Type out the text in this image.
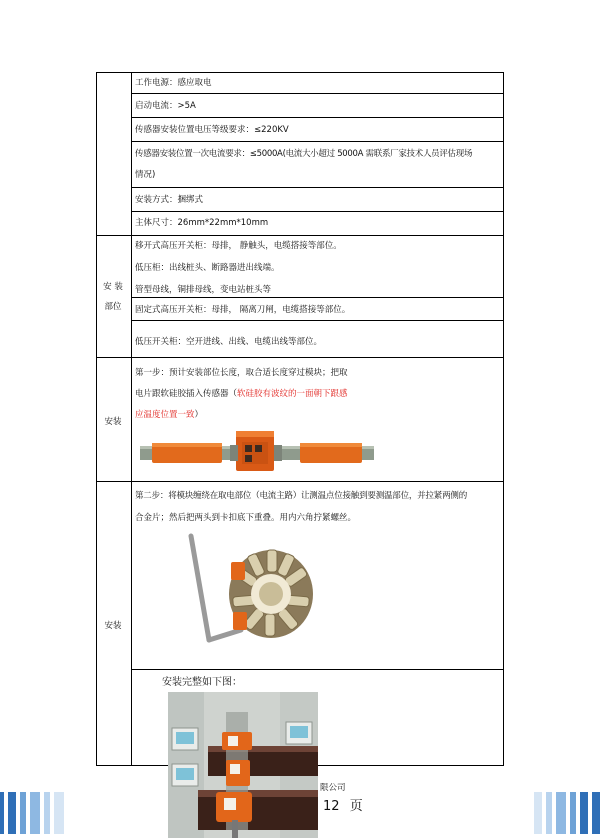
工作电源：感应取电
启动电流：>5A
传感器安装位置电压等级要求：≤220KV
传感器安装位置一次电流要求：≤5000A(电流大小超过 5000A 需联系厂家技术人员评估现场
情况)
安装方式：捆绑式
主体尺寸：26mm*22mm*10mm
安 装
部位
移开式高压开关柜：母排， 静触头，电缆搭接等部位。
低压柜：出线桩头、断路器进出线端。
管型母线，铜排母线，变电站桩头等
固定式高压开关柜：母排， 隔离刀闸，电缆搭接等部位。
低压开关柜：空开进线、出线、电缆出线等部位。
安装
第一步：预计安装部位长度，取合适长度穿过模块；把取
电片跟软硅胶插入传感器（软硅胶有波纹的一面朝下跟感
应温度位置一致）
安装
第二步：将模块缠绕在取电部位（电流主路）让测温点位接触到要测温部位，并拉紧两侧的
合金片；然后把两头到卡扣底下重叠。用内六角拧紧螺丝。
安装完整如下图：
限公司
12 页
